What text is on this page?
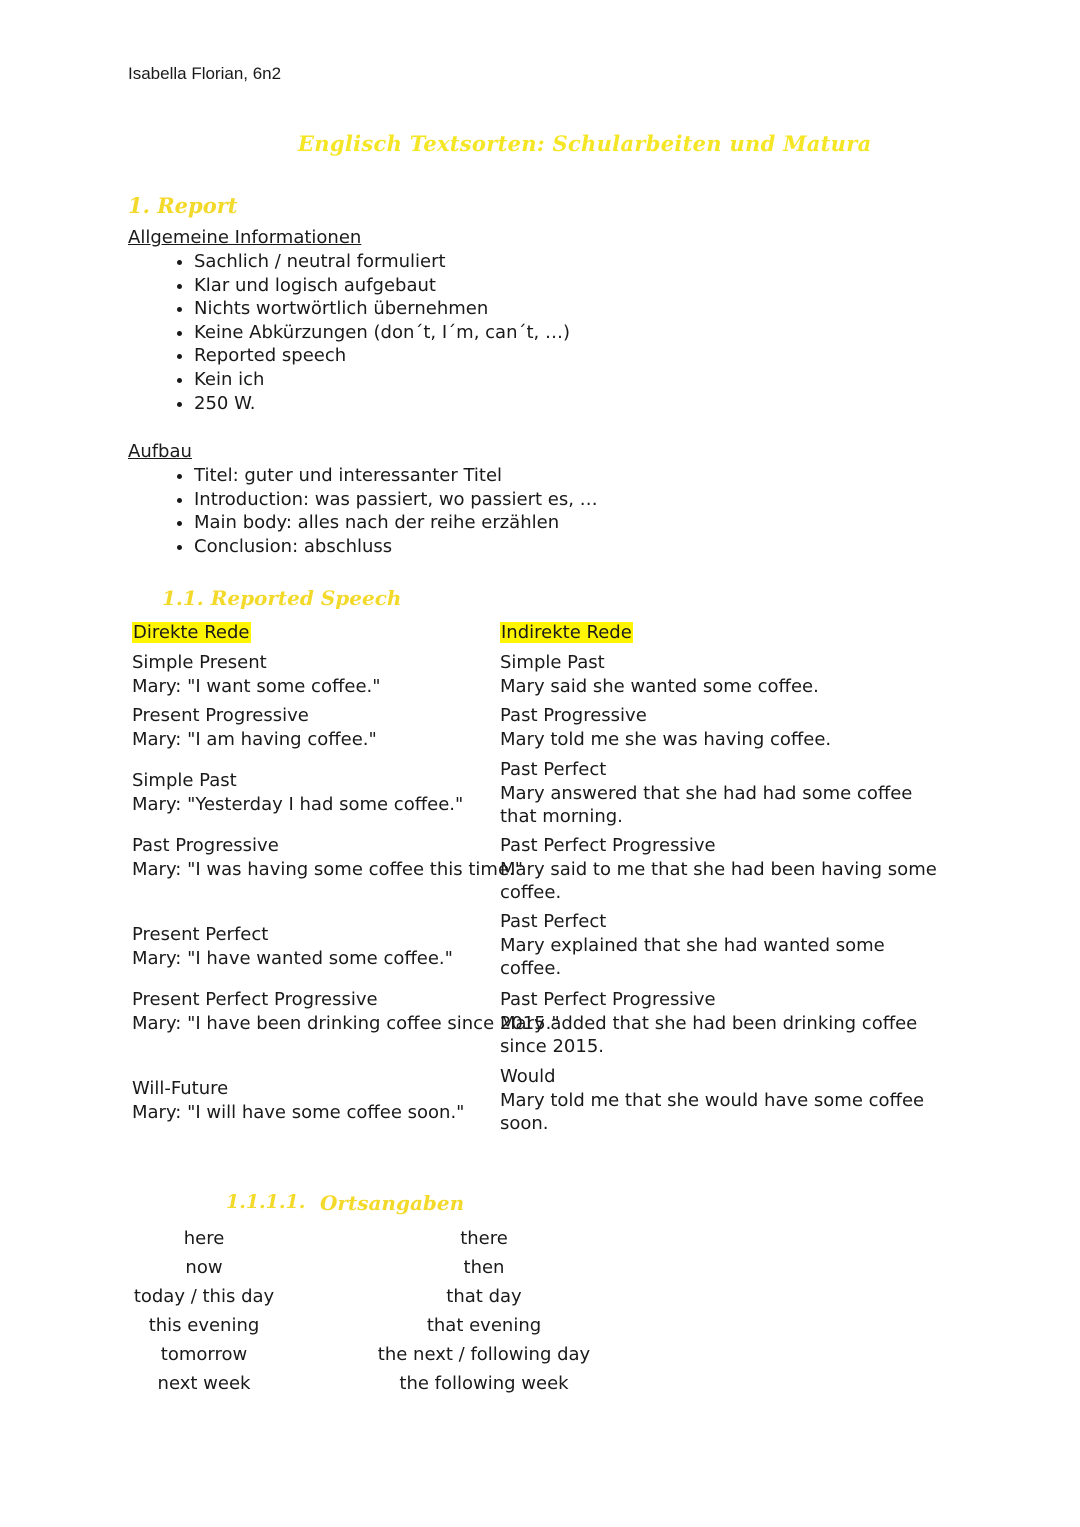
Isabella Florian, 6n2
Englisch Textsorten: Schularbeiten und Matura
1. Report
Allgemeine Informationen
• Sachlich / neutral formuliert
• Klar und logisch aufgebaut
• Nichts wortwörtlich übernehmen
• Keine Abkürzungen (don´t, I´m, can´t, …)
• Reported speech
• Kein ich
• 250 W.
Aufbau
• Titel: guter und interessanter Titel
• Introduction: was passiert, wo passiert es, …
• Main body: alles nach der reihe erzählen
• Conclusion: abschluss
1.1. Reported Speech
Direkte Rede	Indirekte Rede
Simple Present
Mary: "I want some coffee."
Present Progressive
Mary: "I am having coffee."
Simple Past
Mary: "Yesterday I had some coffee."
Past Progressive
Mary: "I was having some coffee this time."
Present Perfect
Mary: "I have wanted some coffee."
Present Perfect Progressive
Mary: "I have been drinking coffee since 2015."
Will-Future
Mary: "I will have some coffee soon."
Simple Past
Mary said she wanted some coffee.
Past Progressive
Mary told me she was having coffee.
Past Perfect
Mary answered that she had had some coffee that morning.
Past Perfect Progressive
Mary said to me that she had been having some coffee.
Past Perfect
Mary explained that she had wanted some coffee.
Past Perfect Progressive
Mary added that she had been drinking coffee since 2015.
Would
Mary told me that she would have some coffee soon.
1.1.1.1. Ortsangaben
here
now
today / this day
this evening
tomorrow
next week
there
then
that day
that evening
the next / following day
the following week
